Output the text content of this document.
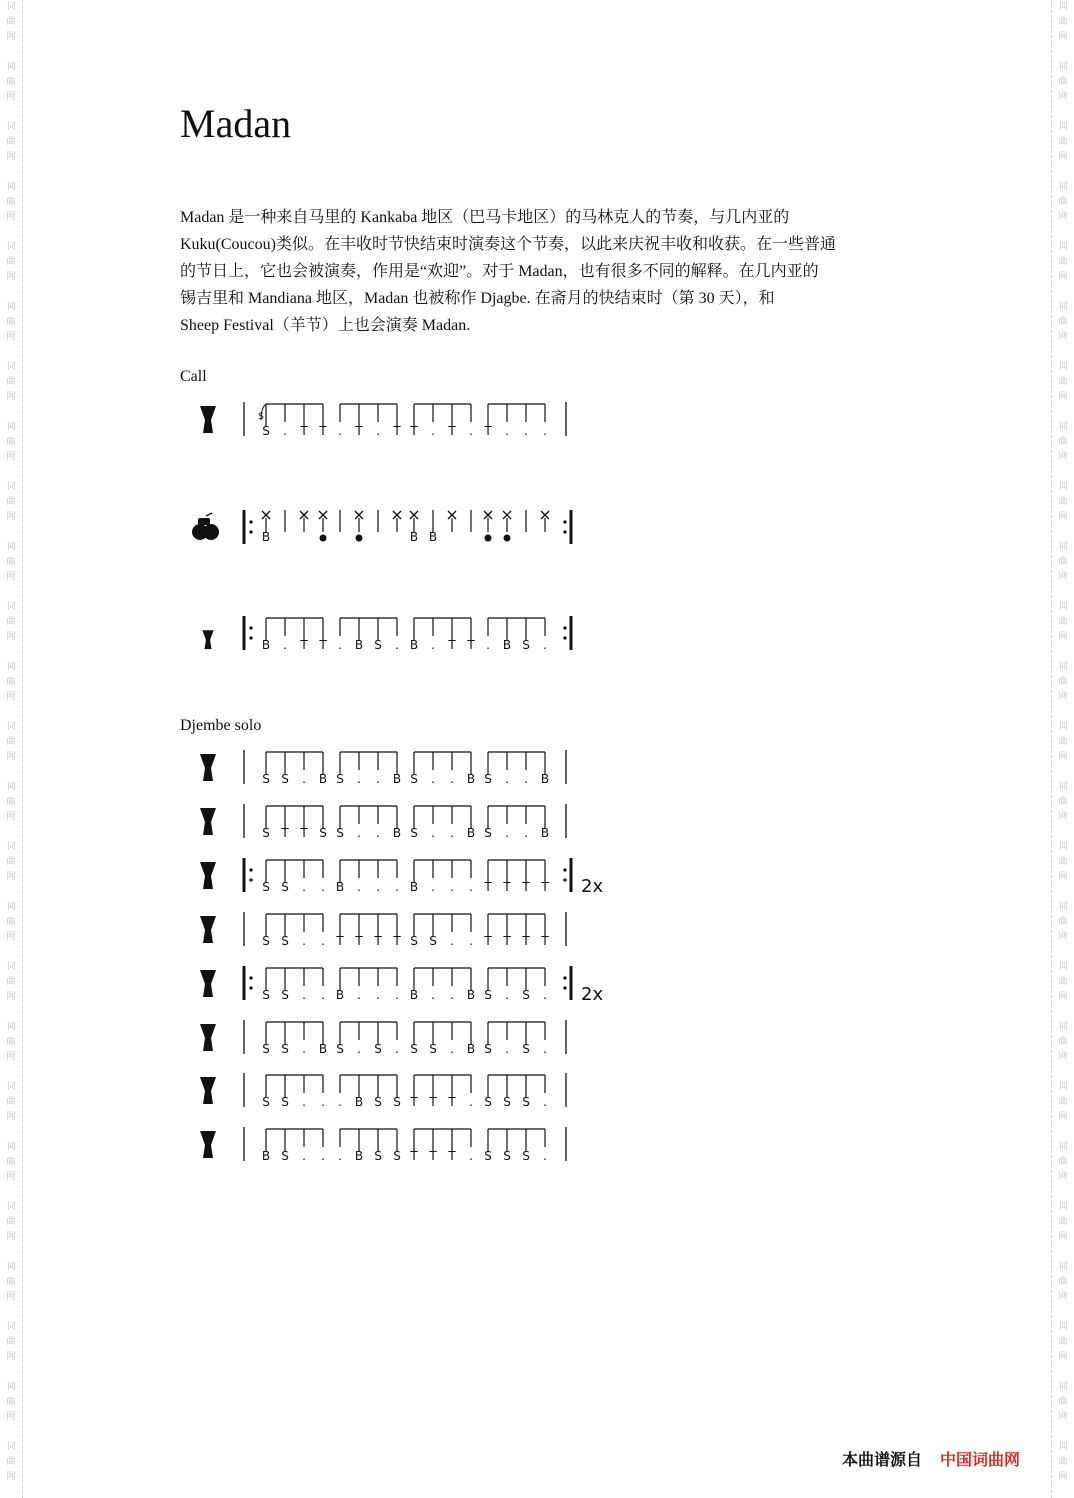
词
曲
网
词
曲
网
词
曲
网
词
曲
网
词
曲
网
词
曲
网
词
曲
网
词
曲
网
词
曲
网
词
曲
网
词
曲
网
词
曲
网
词
曲
网
词
曲
网
词
曲
网
词
曲
网
词
曲
网
词
曲
网
词
曲
网
词
曲
网
词
曲
网
词
曲
网
词
曲
网
词
曲
网
词
曲
网
词
曲
网
词
曲
网
词
曲
网
词
曲
网
词
曲
网
词
曲
网
词
曲
网
词
曲
网
词
曲
网
词
曲
网
词
曲
网
词
曲
网
词
曲
网
词
曲
网
词
曲
网
词
曲
网
词
曲
网
词
曲
网
词
曲
网
词
曲
网
词
曲
网
词
曲
网
词
曲
网
词
曲
网
词
曲
网
Madan
Madan 是一种来自马里的 Kankaba 地区（巴马卡地区）的马林克人的节奏，与几内亚的
Kuku(Coucou)类似。在丰收时节快结束时演奏这个节奏，以此来庆祝丰收和收获。在一些普通
的节日上，它也会被演奏，作用是“欢迎”。对于 Madan，也有很多不同的解释。在几内亚的
锡吉里和 Mandiana 地区，Madan 也被称作 Djagbe. 在斋月的快结束时（第 30 天），和
Sheep Festival（羊节）上也会演奏 Madan.
Call
Djembe solo
S	.	T T .	T	.	T T	.	T	. T	.	.	.
S
B	B B
B	.	T T .	B S	. B	.	T T .	B S	.
S S	.	B S	.	.	B S	.	.	B S	.	.	B
S T T S S	.	.	B S	.	.	B S	.	.	B
S S	.	. B	.	.	. B	.	.	. T T T T 2x
S S	.	. T T T T S S	.	. T T T T
S S	.	. B	.	.	. B	.	.	B S	.	S	. 2x
S S	.	B S	.	S	. S S	.	B S	.	S	.
S S	.	.	.	B S S T T T	. S S S	.
B S	.	.	.	B S S T T T	. S S S	.
本曲谱源自 中国词曲网
